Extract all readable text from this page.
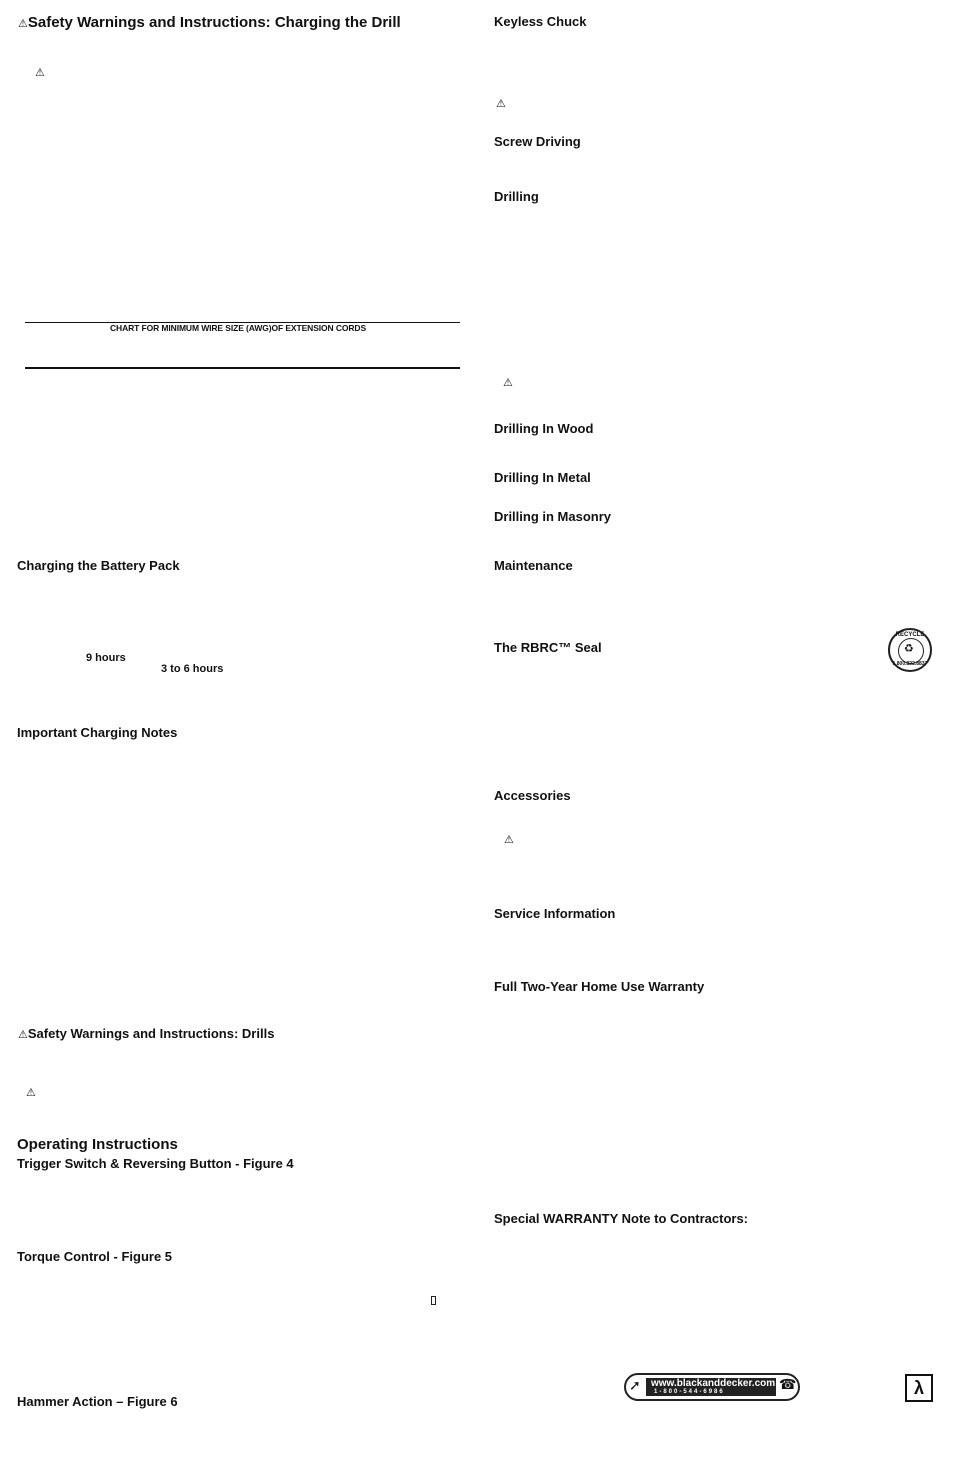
⚠Safety Warnings and Instructions: Charging the Drill
⚠
CHART FOR MINIMUM WIRE SIZE (AWG)OF EXTENSION CORDS
Charging the Battery Pack
9 hours
3 to 6 hours
Important Charging Notes
⚠Safety Warnings and Instructions: Drills
⚠
Operating Instructions
Trigger Switch & Reversing Button - Figure 4
Torque Control - Figure 5
Hammer Action – Figure 6
Keyless Chuck
⚠
Screw Driving
Drilling
⚠
Drilling In Wood
Drilling In Metal
Drilling in Masonry
Maintenance
The RBRC™ Seal
RECYCLE
♻
1.800.822.8837
Accessories
⚠
Service Information
Full Two-Year Home Use Warranty
Special WARRANTY Note to Contractors:
➚ www.blackanddecker.com
1-800-544-6986	☎	λ
